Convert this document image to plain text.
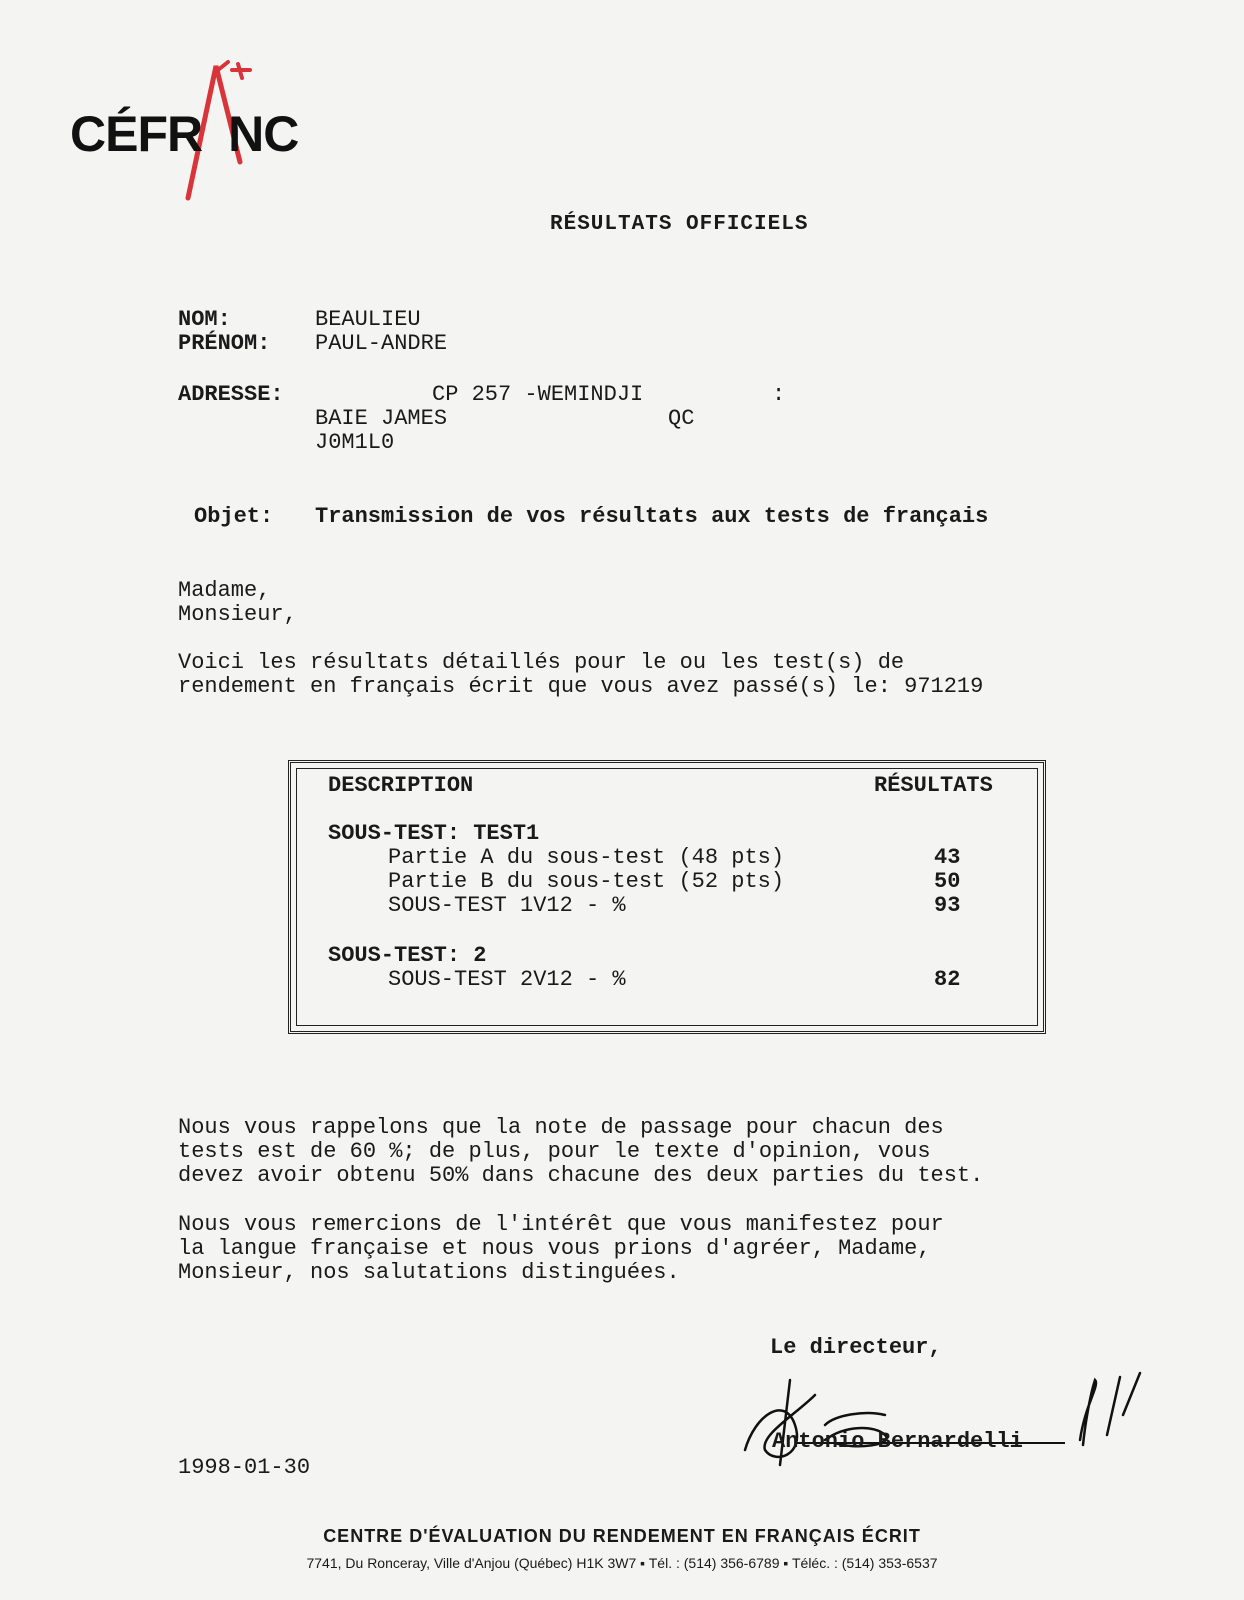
CÉFR NC
RÉSULTATS OFFICIELS
NOM:	BEAULIEU
PRÉNOM: PAUL-ANDRE
ADRESSE:	CP 257 -WEMINDJI	:
BAIE JAMES	QC
J0M1L0
Objet: Transmission de vos résultats aux tests de français
Madame,
Monsieur,
Voici les résultats détaillés pour le ou les test(s) de
rendement en français écrit que vous avez passé(s) le: 971219
DESCRIPTION	RÉSULTATS
SOUS-TEST: TEST1
Partie A du sous-test (48 pts)	43
Partie B du sous-test (52 pts)	50
SOUS-TEST 1V12 - %	93
SOUS-TEST: 2
SOUS-TEST 2V12 - %	82
Nous vous rappelons que la note de passage pour chacun des
tests est de 60 %; de plus, pour le texte d'opinion, vous
devez avoir obtenu 50% dans chacune des deux parties du test.
Nous vous remercions de l'intérêt que vous manifestez pour
la langue française et nous vous prions d'agréer, Madame,
Monsieur, nos salutations distinguées.
Le directeur,
Antonio Bernardelli
1998-01-30
CENTRE D'ÉVALUATION DU RENDEMENT EN FRANÇAIS ÉCRIT
7741, Du Ronceray, Ville d'Anjou (Québec) H1K 3W7 ▪ Tél. : (514) 356-6789 ▪ Téléc. : (514) 353-6537
